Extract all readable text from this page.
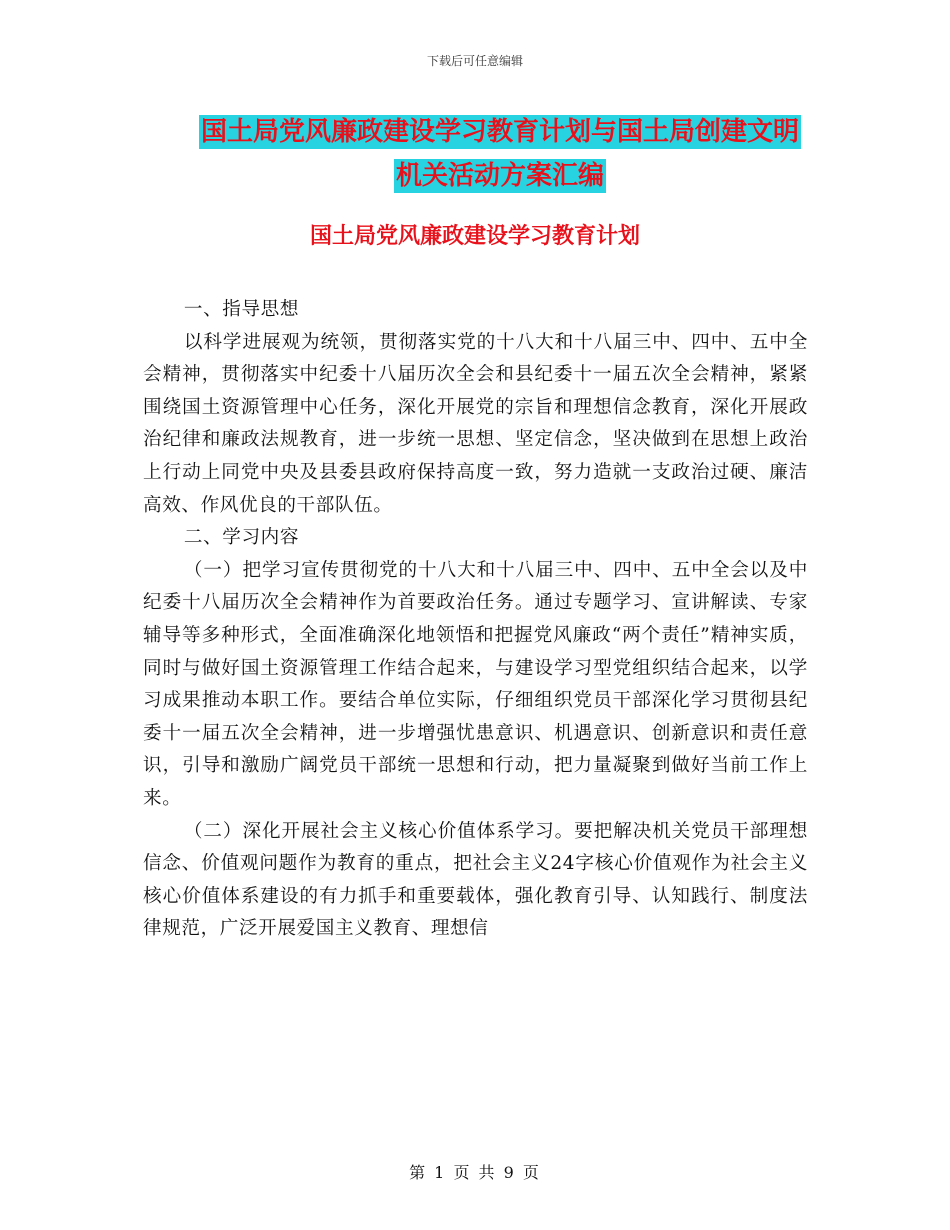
下载后可任意编辑
国土局党风廉政建设学习教育计划与国土局创建文明
机关活动方案汇编
国土局党风廉政建设学习教育计划

一、指导思想

以科学进展观为统领，贯彻落实党的十八大和十八届三中、四中、五中全会精神，贯彻落实中纪委十八届历次全会和县纪委十一届五次全会精神，紧紧围绕国土资源管理中心任务，深化开展党的宗旨和理想信念教育，深化开展政治纪律和廉政法规教育，进一步统一思想、坚定信念，坚决做到在思想上政治上行动上同党中央及县委县政府保持高度一致，努力造就一支政治过硬、廉洁高效、作风优良的干部队伍。

二、学习内容

（一）把学习宣传贯彻党的十八大和十八届三中、四中、五中全会以及中纪委十八届历次全会精神作为首要政治任务。通过专题学习、宣讲解读、专家辅导等多种形式，全面准确深化地领悟和把握党风廉政“两个责任”精神实质，同时与做好国土资源管理工作结合起来，与建设学习型党组织结合起来，以学习成果推动本职工作。要结合单位实际，仔细组织党员干部深化学习贯彻县纪委十一届五次全会精神，进一步增强忧患意识、机遇意识、创新意识和责任意识，引导和激励广阔党员干部统一思想和行动，把力量凝聚到做好当前工作上来。

（二）深化开展社会主义核心价值体系学习。要把解决机关党员干部理想信念、价值观问题作为教育的重点，把社会主义24字核心价值观作为社会主义核心价值体系建设的有力抓手和重要载体，强化教育引导、认知践行、制度法律规范，广泛开展爱国主义教育、理想信

第 1 页 共 9 页
